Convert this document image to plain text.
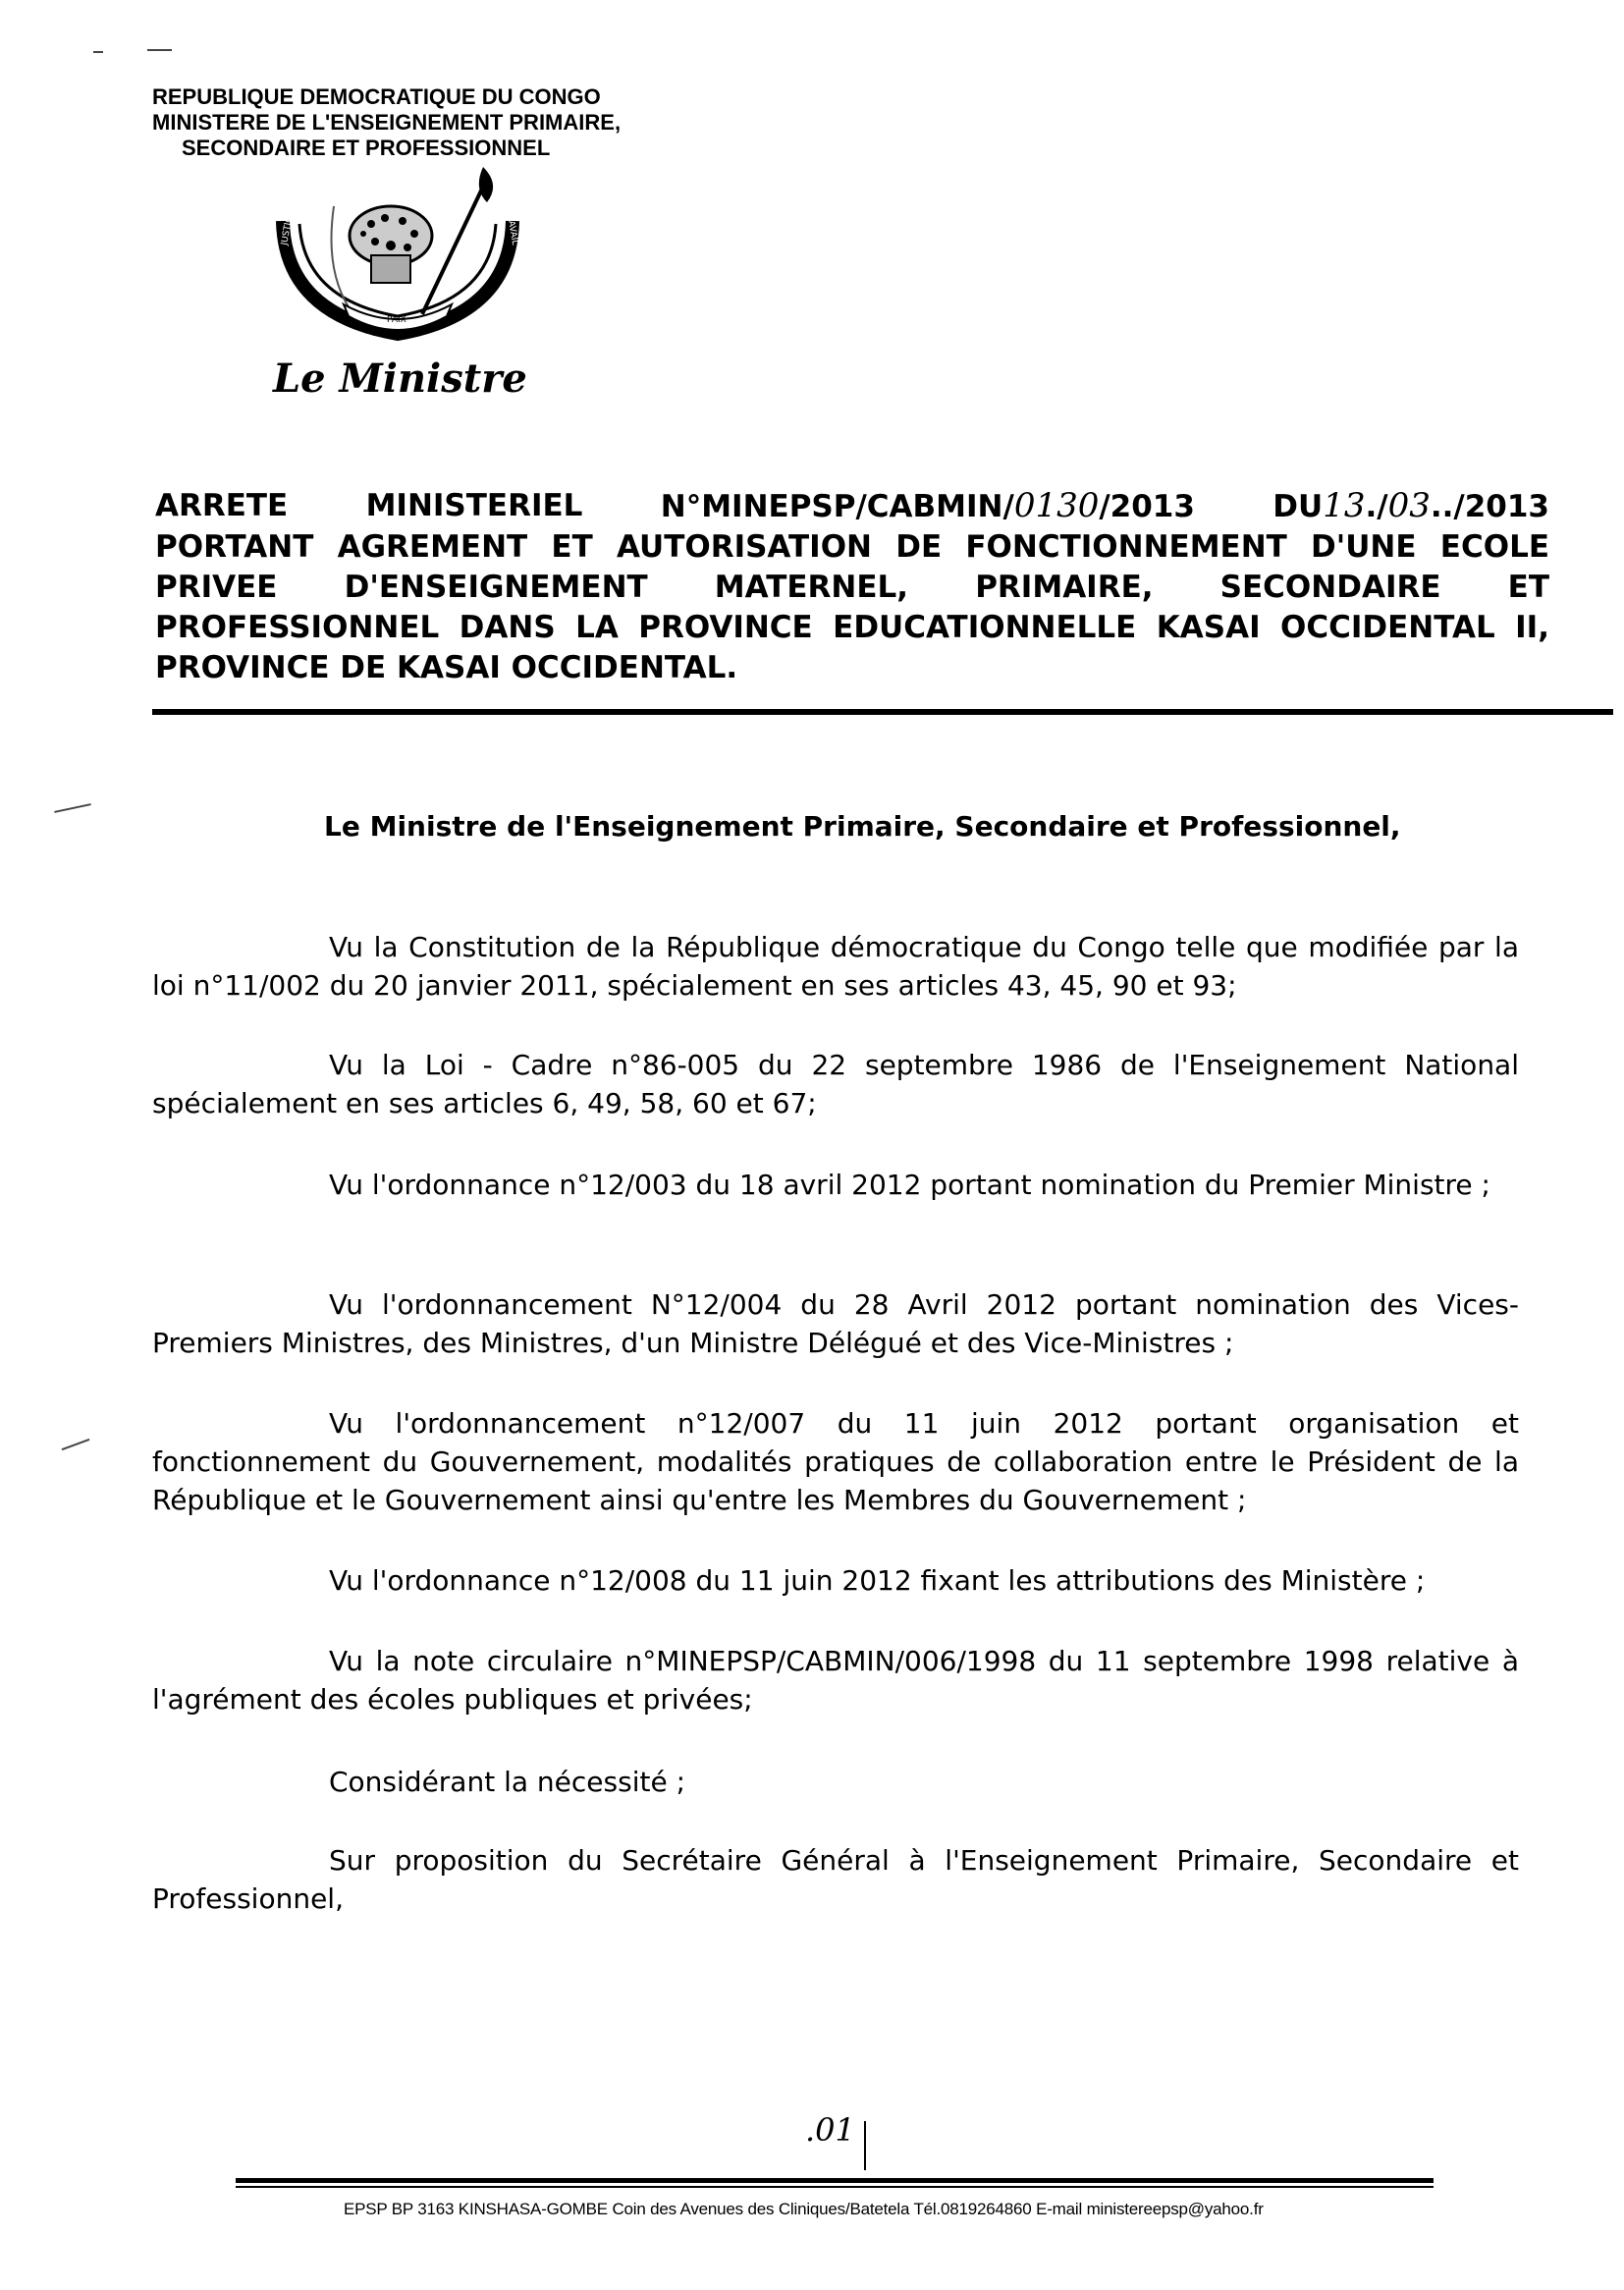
REPUBLIQUE DEMOCRATIQUE DU CONGO
MINISTERE DE L'ENSEIGNEMENT PRIMAIRE,
SECONDAIRE ET PROFESSIONNEL
PAIX
JUSTICE	TRAVAIL
Le Ministre
ARRETE	MINISTERIEL	N°MINEPSP/CABMIN/0130/2013	DU13./03../2013
PORTANT AGREMENT ET AUTORISATION DE FONCTIONNEMENT D'UNE ECOLE PRIVEE D'ENSEIGNEMENT MATERNEL, PRIMAIRE, SECONDAIRE ET PROFESSIONNEL DANS LA PROVINCE EDUCATIONNELLE KASAI OCCIDENTAL II, PROVINCE DE KASAI OCCIDENTAL.
Le Ministre de l'Enseignement Primaire, Secondaire et Professionnel,
Vu la Constitution de la République démocratique du Congo telle que modifiée par la loi n°11/002 du 20 janvier 2011, spécialement en ses articles 43, 45, 90 et 93;
Vu la Loi - Cadre n°86-005 du 22 septembre 1986 de l'Enseignement National spécialement en ses articles 6, 49, 58, 60 et 67;
Vu l'ordonnance n°12/003 du 18 avril 2012 portant nomination du Premier Ministre ;
Vu l'ordonnancement N°12/004 du 28 Avril 2012 portant nomination des Vices-Premiers Ministres, des Ministres, d'un Ministre Délégué et des Vice-Ministres ;
Vu l'ordonnancement n°12/007 du 11 juin 2012 portant organisation et fonctionnement du Gouvernement, modalités pratiques de collaboration entre le Président de la République et le Gouvernement ainsi qu'entre les Membres du Gouvernement ;
Vu l'ordonnance n°12/008 du 11 juin 2012 fixant les attributions des Ministère ;
Vu la note circulaire n°MINEPSP/CABMIN/006/1998 du 11 septembre 1998 relative à l'agrément des écoles publiques et privées;
Considérant la nécessité ;
Sur proposition du Secrétaire Général à l'Enseignement Primaire, Secondaire et Professionnel,
.01
EPSP BP 3163 KINSHASA-GOMBE Coin des Avenues des Cliniques/Batetela Tél.0819264860 E-mail ministereepsp@yahoo.fr
